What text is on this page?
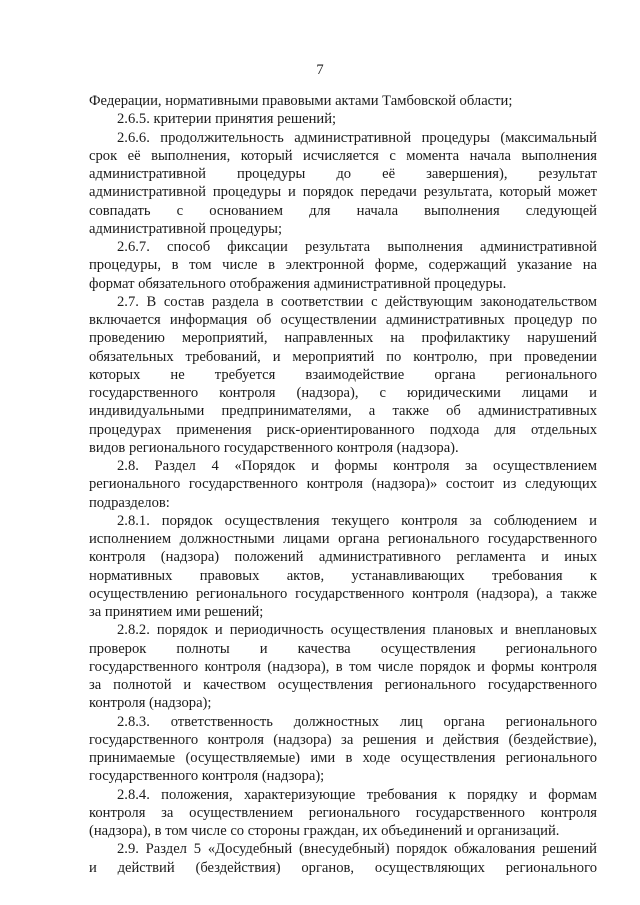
7
Федерации, нормативными правовыми актами Тамбовской области;
2.6.5. критерии принятия решений;
2.6.6. продолжительность административной процедуры (максимальный
срок её выполнения, который исчисляется с момента начала выполнения
административной процедуры до её завершения), результат
административной процедуры и порядок передачи результата, который может
совпадать с основанием для начала выполнения следующей
административной процедуры;
2.6.7. способ фиксации результата выполнения административной
процедуры, в том числе в электронной форме, содержащий указание на
формат обязательного отображения административной процедуры.
2.7. В состав раздела в соответствии с действующим законодательством
включается информация об осуществлении административных процедур по
проведению мероприятий, направленных на профилактику нарушений
обязательных требований, и мероприятий по контролю, при проведении
которых не требуется взаимодействие органа регионального
государственного контроля (надзора), с юридическими лицами и
индивидуальными предпринимателями, а также об административных
процедурах применения риск-ориентированного подхода для отдельных
видов регионального государственного контроля (надзора).
2.8. Раздел 4 «Порядок и формы контроля за осуществлением
регионального государственного контроля (надзора)» состоит из следующих
подразделов:
2.8.1. порядок осуществления текущего контроля за соблюдением и
исполнением должностными лицами органа регионального государственного
контроля (надзора) положений административного регламента и иных
нормативных правовых актов, устанавливающих требования к
осуществлению регионального государственного контроля (надзора), а также
за принятием ими решений;
2.8.2. порядок и периодичность осуществления плановых и внеплановых
проверок полноты и качества осуществления регионального
государственного контроля (надзора), в том числе порядок и формы контроля
за полнотой и качеством осуществления регионального государственного
контроля (надзора);
2.8.3. ответственность должностных лиц органа регионального
государственного контроля (надзора) за решения и действия (бездействие),
принимаемые (осуществляемые) ими в ходе осуществления регионального
государственного контроля (надзора);
2.8.4. положения, характеризующие требования к порядку и формам
контроля за осуществлением регионального государственного контроля
(надзора), в том числе со стороны граждан, их объединений и организаций.
2.9. Раздел 5 «Досудебный (внесудебный) порядок обжалования решений
и действий (бездействия) органов, осуществляющих регионального
